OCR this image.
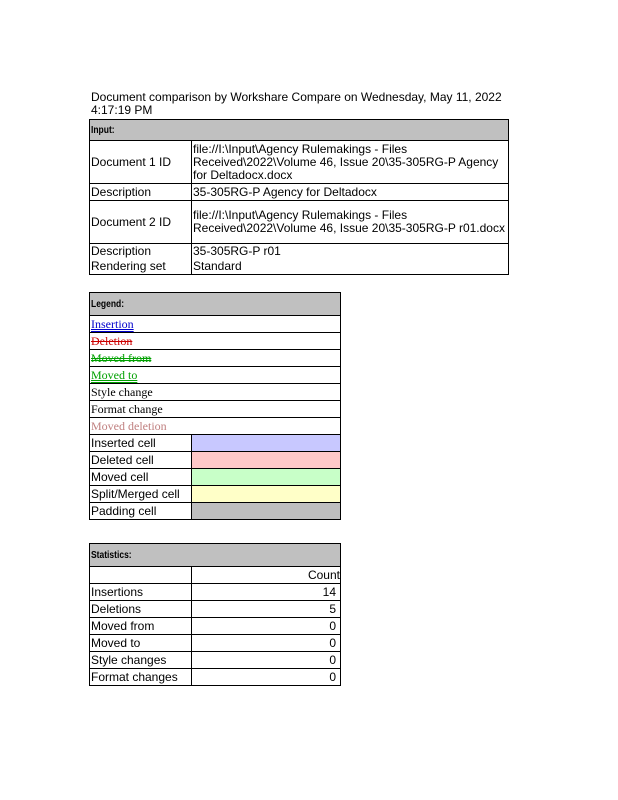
Document comparison by Workshare Compare on Wednesday, May 11, 2022 4:17:19 PM
Input:	
Document 1 ID	file://I:\Input\Agency Rulemakings - Files Received\2022\Volume 46, Issue 20\35-305RG-P Agency for Deltadocx.docx
Description	35-305RG-P Agency for Deltadocx
Document 2 ID	file://I:\Input\Agency Rulemakings - Files Received\2022\Volume 46, Issue 20\35-305RG-P r01.docx
Description	35-305RG-P r01
Rendering set	Standard
Legend:	
Insertion	
Deletion	
Moved from	
Moved to	
Style change	
Format change	
Moved deletion	
Inserted cell	
Deleted cell	
Moved cell	
Split/Merged cell	
Padding cell	
Statistics:	
	Count
Insertions	14
Deletions	5
Moved from	0
Moved to	0
Style changes	0
Format changes	0
